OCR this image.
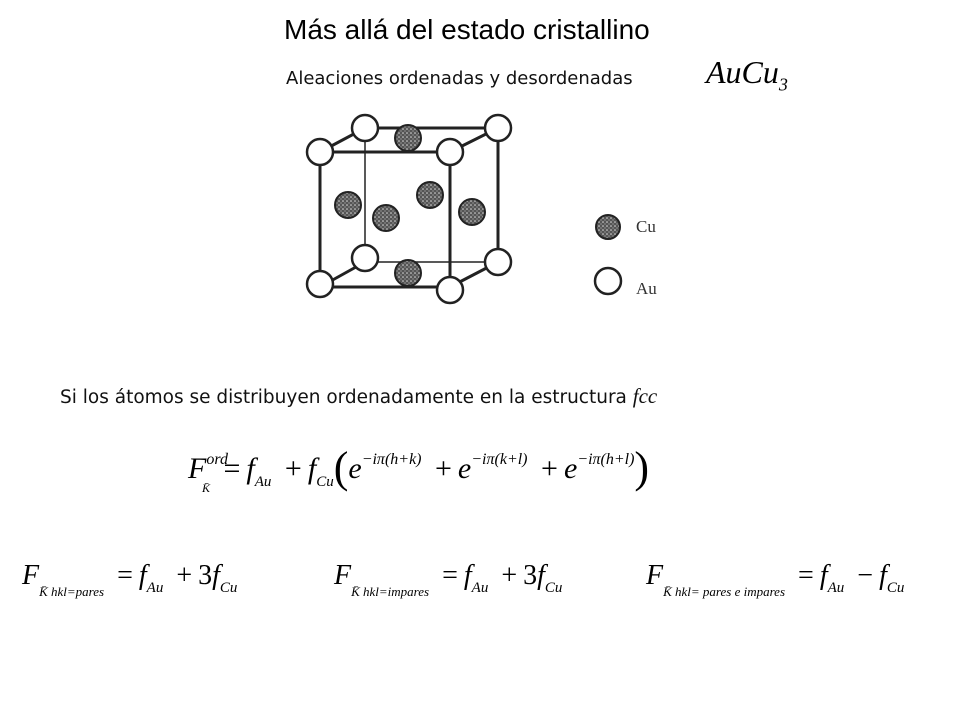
Más allá del estado cristallino
Aleaciones ordenadas y desordenadas AuCu$_3$
Cu
Au
Si los átomos se distribuyen ordenadamente en la estructura fcc
$F^{ord}_{K̄} = f_{Au} + f_{Cu}(e^{-i\pi(h+k)} + e^{-i\pi(k+l)} + e^{-i\pi(h+l)})$
$F_{K̄ hkl=pares} = f_{Au} + 3f_{Cu}$	$F_{K̄ hkl=impares} = f_{Au} + 3f_{Cu}$	$F_{K̄ hkl= pares e impares} = f_{Au} - f_{Cu}$
